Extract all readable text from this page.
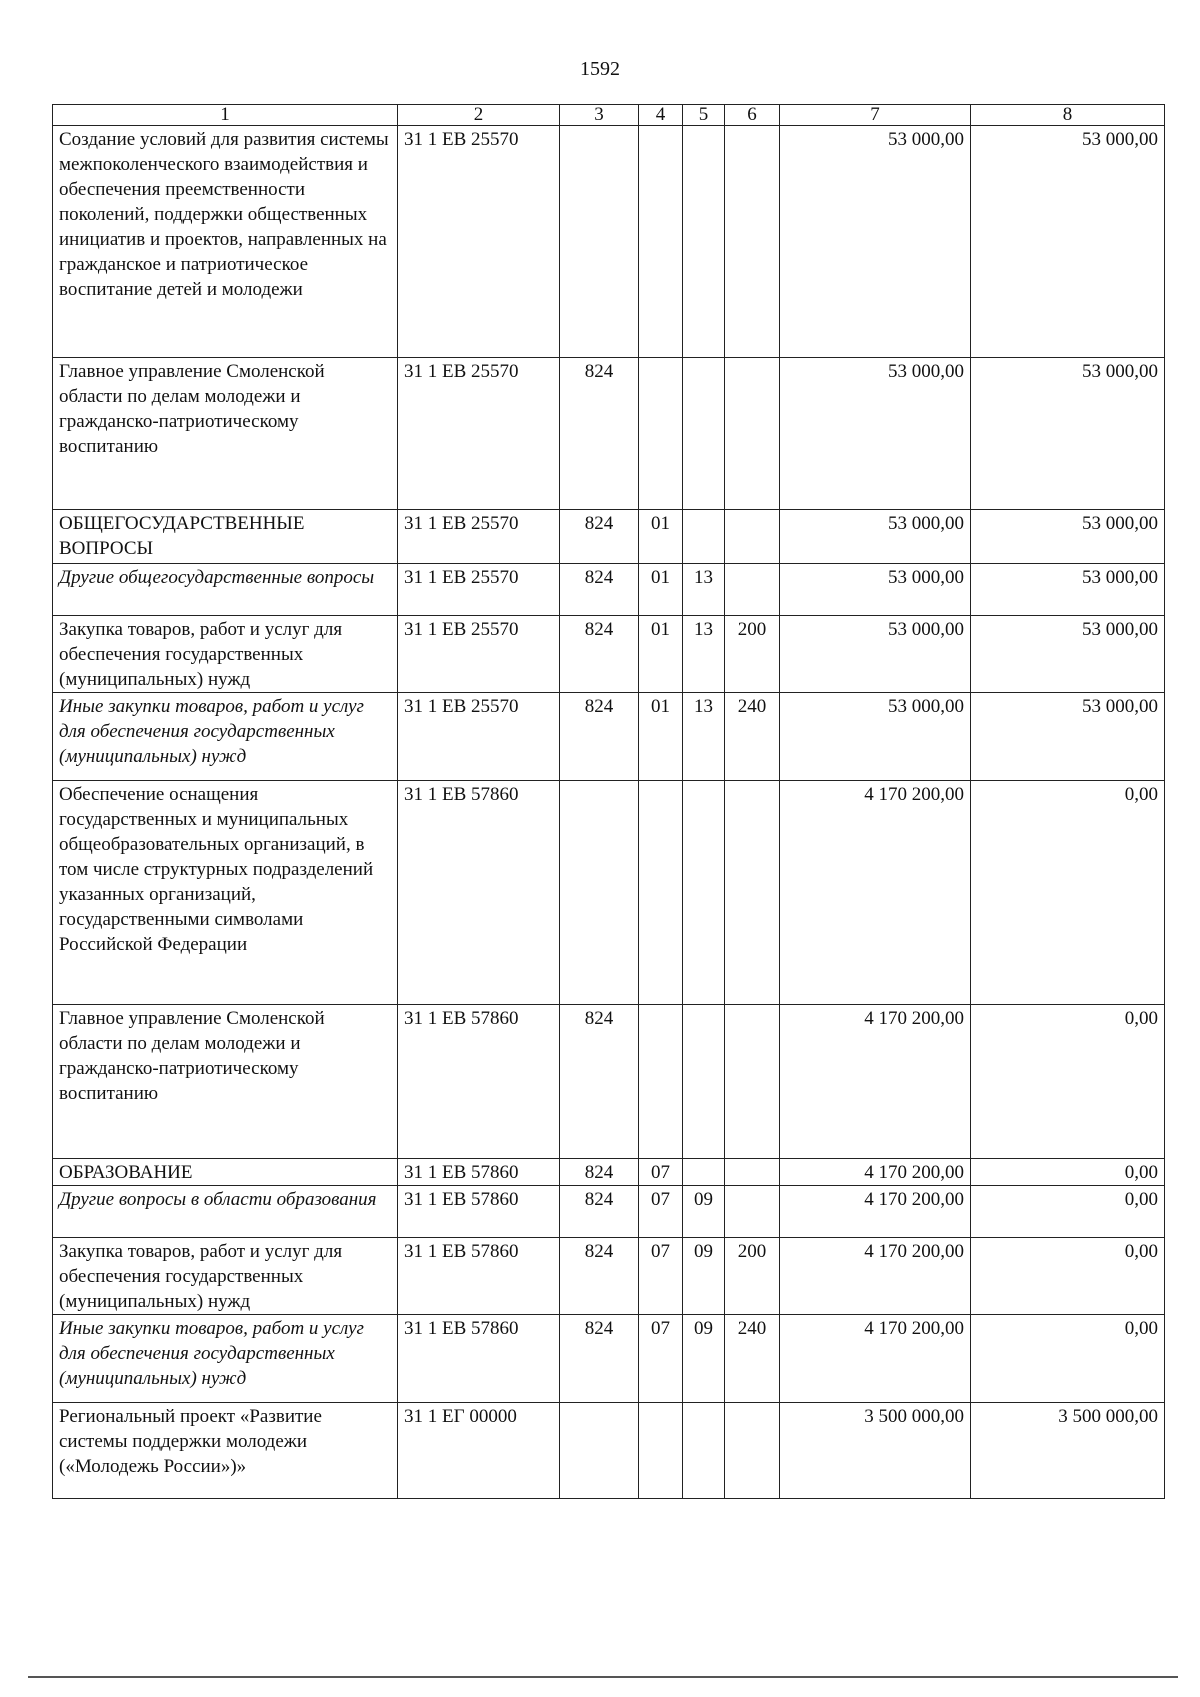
1592
1	2	3	4	5	6	7	8
Создание условий для развития системы межпоколенческого взаимодействия и обеспечения преемственности поколений, поддержки общественных инициатив и проектов, направленных на гражданское и патриотическое воспитание детей и молодежи	31 1 ЕВ 25570					53 000,00	53 000,00
Главное управление Смоленской области по делам молодежи и гражданско-патриотическому воспитанию	31 1 ЕВ 25570	824				53 000,00	53 000,00
ОБЩЕГОСУДАРСТВЕННЫЕ ВОПРОСЫ	31 1 ЕВ 25570	824	01			53 000,00	53 000,00
Другие общегосударственные вопросы	31 1 ЕВ 25570	824	01	13		53 000,00	53 000,00
Закупка товаров, работ и услуг для обеспечения государственных (муниципальных) нужд	31 1 ЕВ 25570	824	01	13	200	53 000,00	53 000,00
Иные закупки товаров, работ и услуг для обеспечения государственных (муниципальных) нужд	31 1 ЕВ 25570	824	01	13	240	53 000,00	53 000,00
Обеспечение оснащения государственных и муниципальных общеобразовательных организаций, в том числе структурных подразделений указанных организаций, государственными символами Российской Федерации	31 1 ЕВ 57860					4 170 200,00	0,00
Главное управление Смоленской области по делам молодежи и гражданско-патриотическому воспитанию	31 1 ЕВ 57860	824				4 170 200,00	0,00
ОБРАЗОВАНИЕ	31 1 ЕВ 57860	824	07			4 170 200,00	0,00
Другие вопросы в области образования	31 1 ЕВ 57860	824	07	09		4 170 200,00	0,00
Закупка товаров, работ и услуг для обеспечения государственных (муниципальных) нужд	31 1 ЕВ 57860	824	07	09	200	4 170 200,00	0,00
Иные закупки товаров, работ и услуг для обеспечения государственных (муниципальных) нужд	31 1 ЕВ 57860	824	07	09	240	4 170 200,00	0,00
Региональный проект «Развитие системы поддержки молодежи («Молодежь России»)»	31 1 ЕГ 00000					3 500 000,00	3 500 000,00
